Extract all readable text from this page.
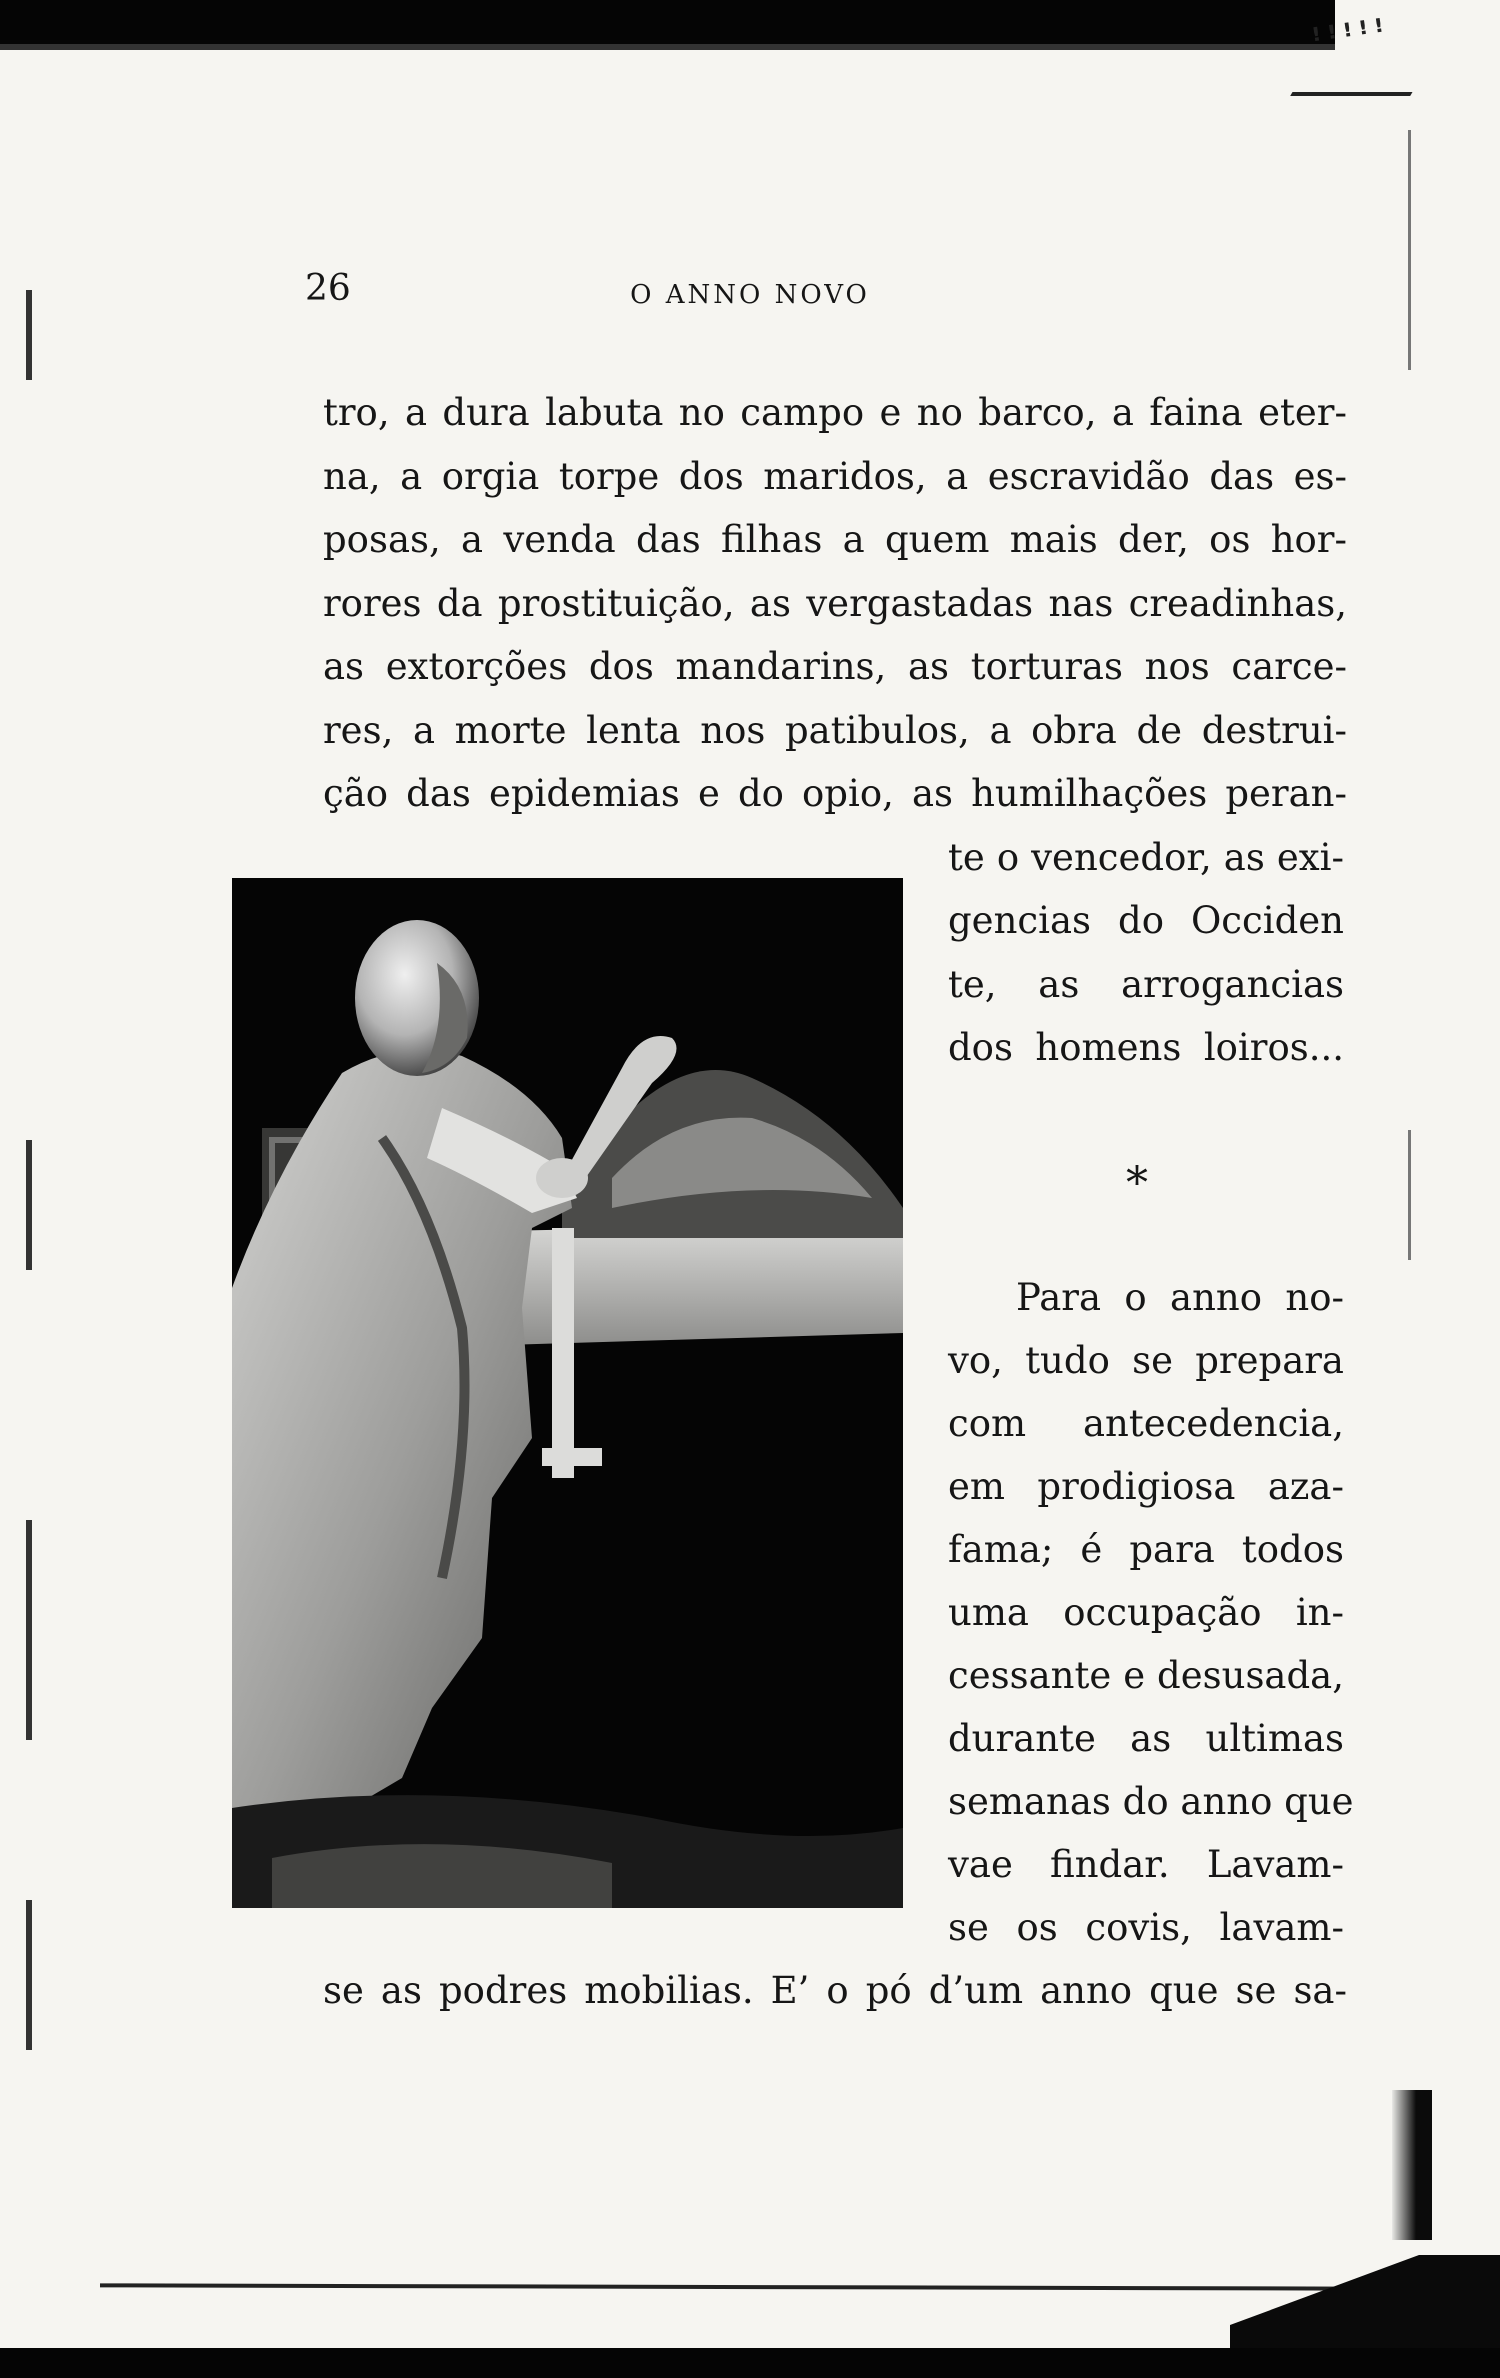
ꜝꜝꜝꜝꜝ
26	O ANNO NOVO
tro, a dura labuta no campo e no barco, a faina eter-
na, a orgia torpe dos maridos, a escravidão das es-
posas, a venda das filhas a quem mais der, os hor-
rores da prostituição, as vergastadas nas creadinhas,
as extorções dos mandarins, as torturas nos carce-
res, a morte lenta nos patibulos, a obra de destrui-
ção das epidemias e do opio, as humilhações peran-
te o vencedor, as exi-
gencias do Occiden
te, as arrogancias
dos homens loiros...
*
Para o anno no-
vo, tudo se prepara
com antecedencia,
em prodigiosa aza-
fama; é para todos
uma occupação in-
cessante e desusada,
durante as ultimas
semanas do anno que
vae findar. Lavam-
se os covis, lavam-
se as podres mobilias. E’ o pó d’um anno que se sa-
